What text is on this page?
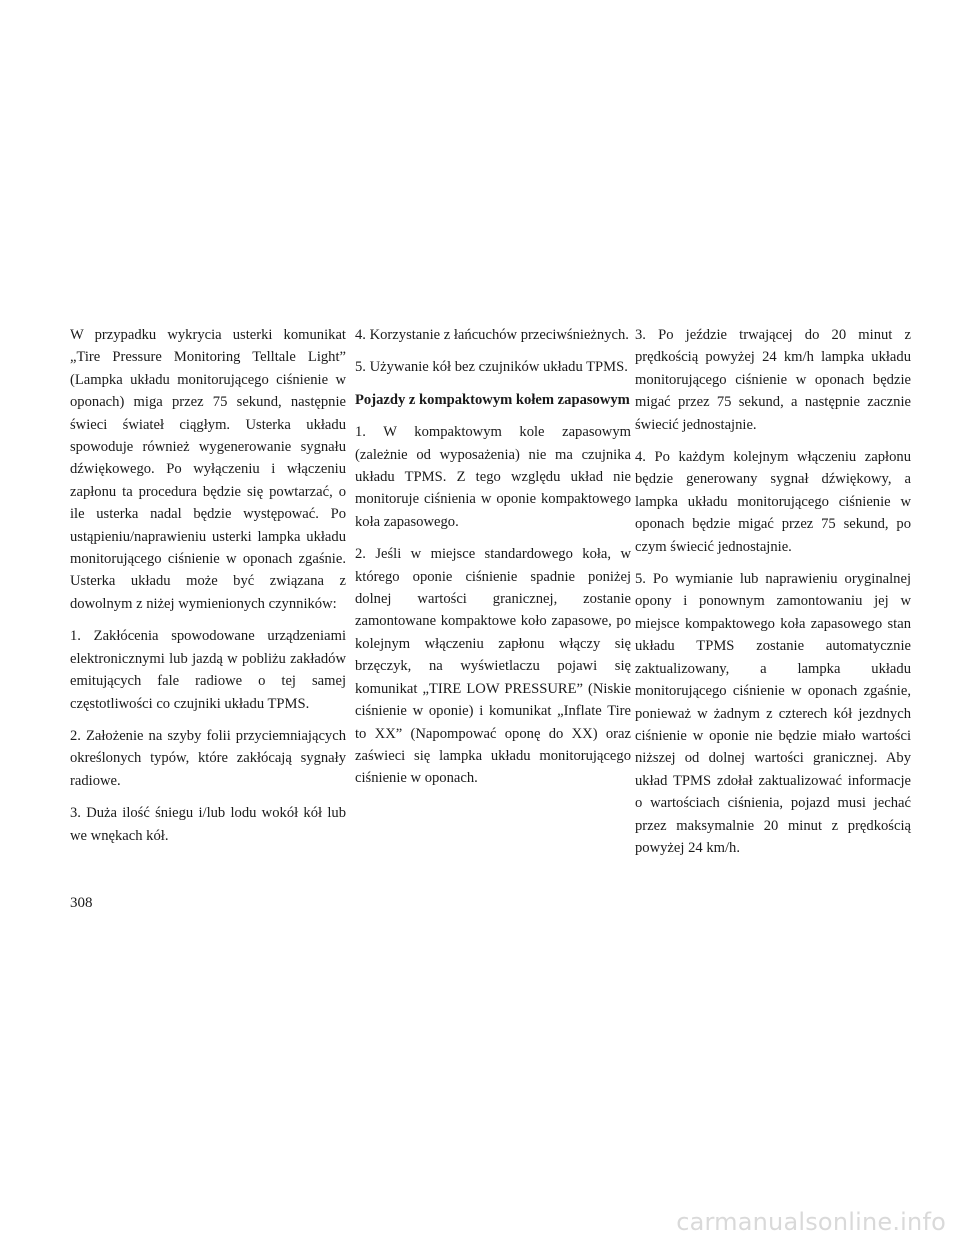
W przypadku wykrycia usterki komunikat „Tire Pressure Monitoring Telltale Light” (Lampka układu monitorującego ciśnienie w oponach) miga przez 75 sekund, następnie świeci świateł ciągłym. Usterka układu spowoduje również wygenerowanie sygnału dźwiękowego. Po wyłączeniu i włączeniu zapłonu ta procedura będzie się powtarzać, o ile usterka nadal będzie występować. Po ustąpieniu/naprawieniu usterki lampka układu monitorującego ciśnienie w oponach zgaśnie. Usterka układu może być związana z dowolnym z niżej wymienionych czynników:

1. Zakłócenia spowodowane urządzeniami elektronicznymi lub jazdą w pobliżu zakładów emitujących fale radiowe o tej samej częstotliwości co czujniki układu TPMS.

2. Założenie na szyby folii przyciemniających określonych typów, które zakłócają sygnały radiowe.

3. Duża ilość śniegu i/lub lodu wokół kół lub we wnękach kół.

4. Korzystanie z łańcuchów przeciwśnieżnych.

5. Używanie kół bez czujników układu TPMS.

Pojazdy z kompaktowym kołem zapasowym

1. W kompaktowym kole zapasowym (zależnie od wyposażenia) nie ma czujnika układu TPMS. Z tego względu układ nie monitoruje ciśnienia w oponie kompaktowego koła zapasowego.

2. Jeśli w miejsce standardowego koła, w którego oponie ciśnienie spadnie poniżej dolnej wartości granicznej, zostanie zamontowane kompaktowe koło zapasowe, po kolejnym włączeniu zapłonu włączy się brzęczyk, na wyświetlaczu pojawi się komunikat „TIRE LOW PRESSURE” (Niskie ciśnienie w oponie) i komunikat „Inflate Tire to XX” (Napompować oponę do XX) oraz zaświeci się lampka układu monitorującego ciśnienie w oponach.

3. Po jeździe trwającej do 20 minut z prędkością powyżej 24 km/h lampka układu monitorującego ciśnienie w oponach będzie migać przez 75 sekund, a następnie zacznie świecić jednostajnie.

4. Po każdym kolejnym włączeniu zapłonu będzie generowany sygnał dźwiękowy, a lampka układu monitorującego ciśnienie w oponach będzie migać przez 75 sekund, po czym świecić jednostajnie.

5. Po wymianie lub naprawieniu oryginalnej opony i ponownym zamontowaniu jej w miejsce kompaktowego koła zapasowego stan układu TPMS zostanie automatycznie zaktualizowany, a lampka układu monitorującego ciśnienie w oponach zgaśnie, ponieważ w żadnym z czterech kół jezdnych ciśnienie w oponie nie będzie miało wartości niższej od dolnej wartości granicznej. Aby układ TPMS zdołał zaktualizować informacje o wartościach ciśnienia, pojazd musi jechać przez maksymalnie 20 minut z prędkością powyżej 24 km/h.

308
carmanualsonline.info
